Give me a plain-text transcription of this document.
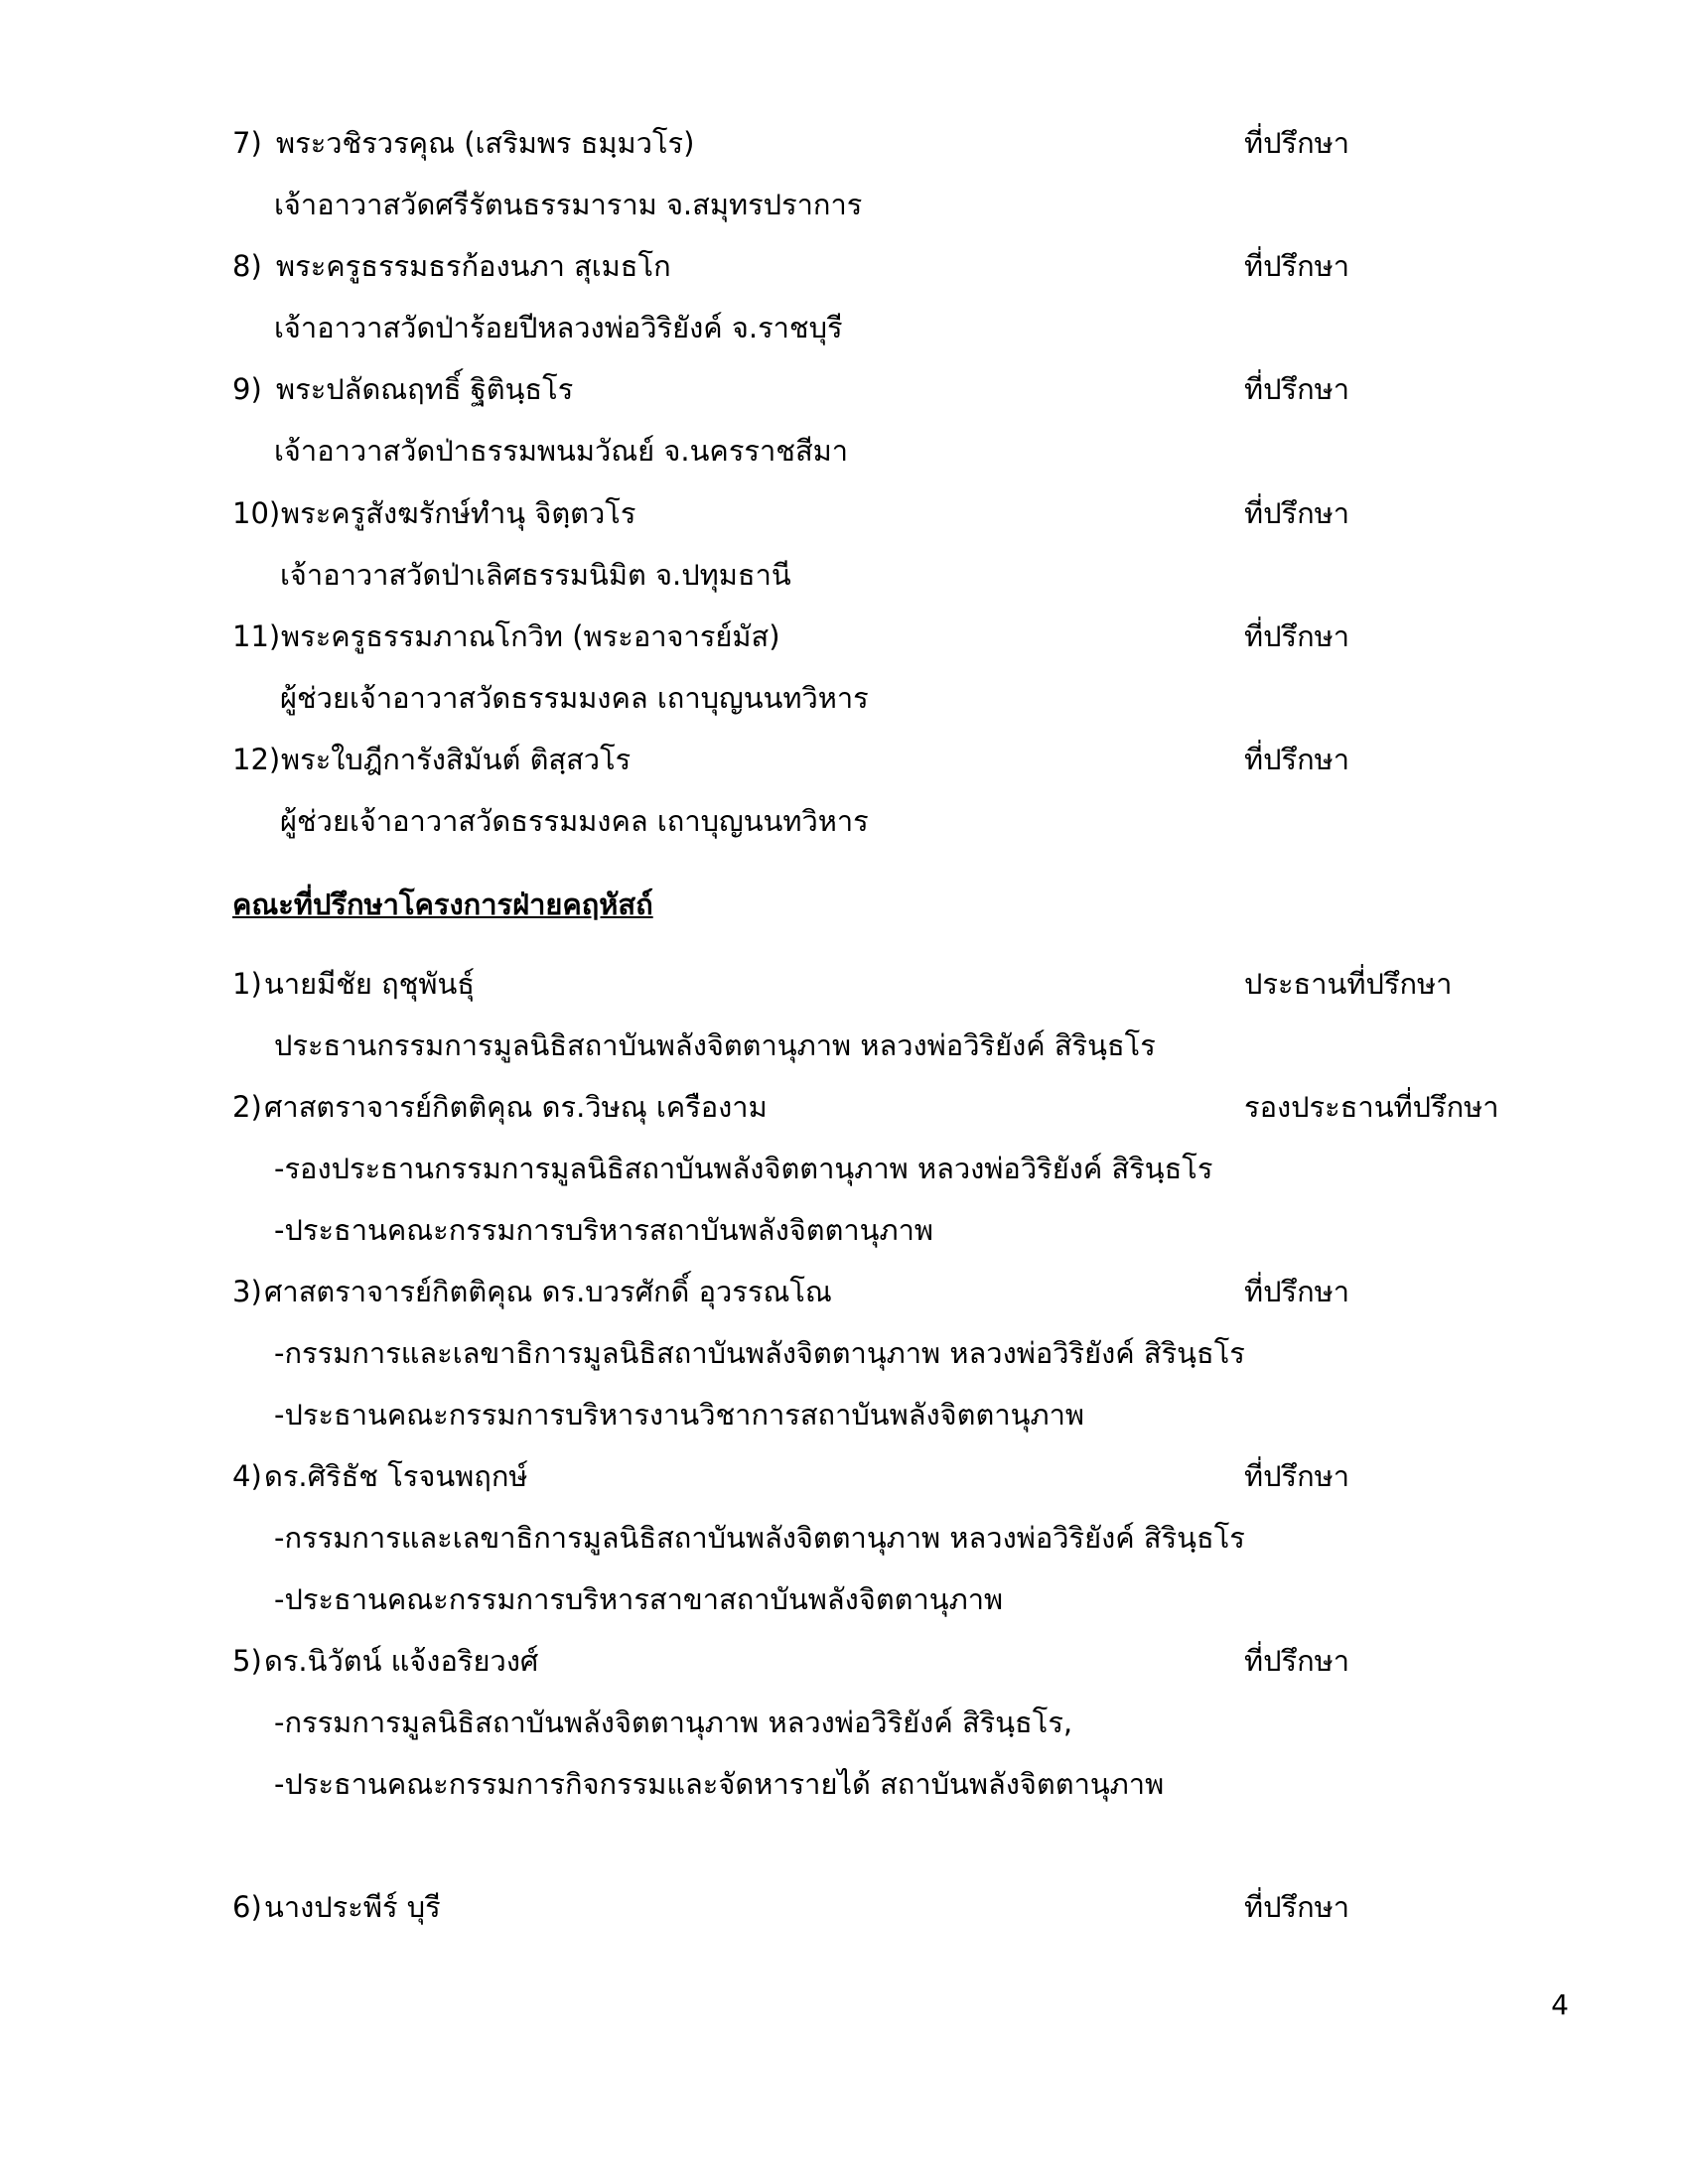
7) พระวชิรวรคุณ (เสริมพร ธมฺมวโร)	ที่ปรึกษา
เจ้าอาวาสวัดศรีรัตนธรรมาราม จ.สมุทรปราการ
8) พระครูธรรมธรก้องนภา สุเมธโก	ที่ปรึกษา
เจ้าอาวาสวัดป่าร้อยปีหลวงพ่อวิริยังค์ จ.ราชบุรี
9) พระปลัดณฤทธิ์ ฐิตินฺธโร	ที่ปรึกษา
เจ้าอาวาสวัดป่าธรรมพนมวัณย์ จ.นครราชสีมา
10) พระครูสังฆรักษ์ทำนุ จิตฺตวโร	ที่ปรึกษา
เจ้าอาวาสวัดป่าเลิศธรรมนิมิต จ.ปทุมธานี
11) พระครูธรรมภาณโกวิท (พระอาจารย์มัส)	ที่ปรึกษา
ผู้ช่วยเจ้าอาวาสวัดธรรมมงคล เถาบุญนนทวิหาร
12) พระใบฎีการังสิมันต์ ติสฺสวโร	ที่ปรึกษา
ผู้ช่วยเจ้าอาวาสวัดธรรมมงคล เถาบุญนนทวิหาร
คณะที่ปรึกษาโครงการฝ่ายคฤหัสถ์
1) นายมีชัย ฤชุพันธุ์	ประธานที่ปรึกษา
ประธานกรรมการมูลนิธิสถาบันพลังจิตตานุภาพ หลวงพ่อวิริยังค์ สิรินฺธโร
2) ศาสตราจารย์กิตติคุณ ดร.วิษณุ เครืองาม	รองประธานที่ปรึกษา
-รองประธานกรรมการมูลนิธิสถาบันพลังจิตตานุภาพ หลวงพ่อวิริยังค์ สิรินฺธโร
-ประธานคณะกรรมการบริหารสถาบันพลังจิตตานุภาพ
3) ศาสตราจารย์กิตติคุณ ดร.บวรศักดิ์ อุวรรณโณ	ที่ปรึกษา
-กรรมการและเลขาธิการมูลนิธิสถาบันพลังจิตตานุภาพ หลวงพ่อวิริยังค์ สิรินฺธโร
-ประธานคณะกรรมการบริหารงานวิชาการสถาบันพลังจิตตานุภาพ
4) ดร.ศิริธัช โรจนพฤกษ์	ที่ปรึกษา
-กรรมการและเลขาธิการมูลนิธิสถาบันพลังจิตตานุภาพ หลวงพ่อวิริยังค์ สิรินฺธโร
-ประธานคณะกรรมการบริหารสาขาสถาบันพลังจิตตานุภาพ
5) ดร.นิวัตน์ แจ้งอริยวงศ์	ที่ปรึกษา
-กรรมการมูลนิธิสถาบันพลังจิตตานุภาพ หลวงพ่อวิริยังค์ สิรินฺธโร,
-ประธานคณะกรรมการกิจกรรมและจัดหารายได้ สถาบันพลังจิตตานุภาพ
6) นางประพีร์ บุรี	ที่ปรึกษา
4
